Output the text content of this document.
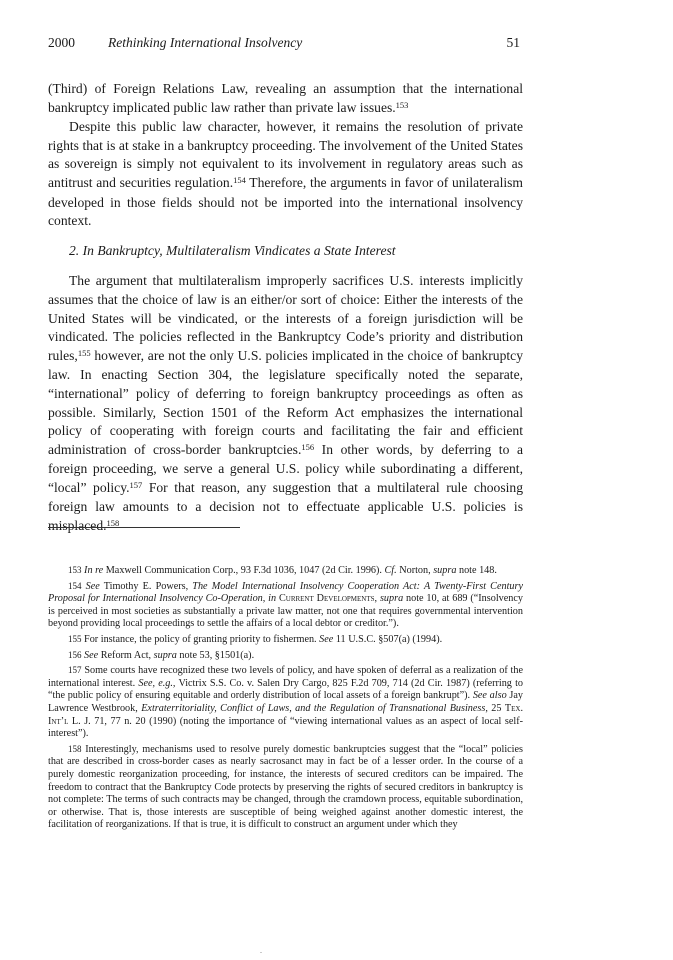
2000 Rethinking International Insolvency	51

(Third) of Foreign Relations Law, revealing an assumption that the international bankruptcy implicated public law rather than private law issues.$^{153}$

Despite this public law character, however, it remains the resolution of private rights that is at stake in a bankruptcy proceeding. The involvement of the United States as sovereign is simply not equivalent to its involvement in regulatory areas such as antitrust and securities regulation.$^{154}$ Therefore, the arguments in favor of unilateralism developed in those fields should not be imported into the international insolvency context.

2. In Bankruptcy, Multilateralism Vindicates a State Interest

The argument that multilateralism improperly sacrifices U.S. interests implicitly assumes that the choice of law is an either/or sort of choice: Either the interests of the United States will be vindicated, or the interests of a foreign jurisdiction will be vindicated. The policies reflected in the Bankruptcy Code’s priority and distribution rules,$^{155}$ however, are not the only U.S. policies implicated in the choice of bankruptcy law. In enacting Section 304, the legislature specifically noted the separate, “international” policy of deferring to foreign bankruptcy proceedings as often as possible. Similarly, Section 1501 of the Reform Act emphasizes the international policy of cooperating with foreign courts and facilitating the fair and efficient administration of cross-border bankruptcies.$^{156}$ In other words, by deferring to a foreign proceeding, we serve a general U.S. policy while subordinating a different, “local” policy.$^{157}$ For that reason, any suggestion that a multilateral rule choosing foreign law amounts to a decision not to effectuate applicable U.S. policies is misplaced.$^{158}$

153 In re Maxwell Communication Corp., 93 F.3d 1036, 1047 (2d Cir. 1996). Cf. Norton, supra note 148.

154 See Timothy E. Powers, The Model International Insolvency Cooperation Act: A Twenty-First Century Proposal for International Insolvency Co-Operation, in Current Developments, supra note 10, at 689 (“Insolvency is perceived in most societies as substantially a private law matter, not one that requires governmental intervention beyond providing local proceedings to settle the affairs of a local debtor or creditor.”).

155 For instance, the policy of granting priority to fishermen. See 11 U.S.C. §507(a) (1994).

156 See Reform Act, supra note 53, §1501(a).

157 Some courts have recognized these two levels of policy, and have spoken of deferral as a realization of the international interest. See, e.g., Victrix S.S. Co. v. Salen Dry Cargo, 825 F.2d 709, 714 (2d Cir. 1987) (referring to “the public policy of ensuring equitable and orderly distribution of local assets of a foreign bankrupt”). See also Jay Lawrence Westbrook, Extraterritoriality, Conflict of Laws, and the Regulation of Transnational Business, 25 Tex. Int’l L. J. 71, 77 n. 20 (1990) (noting the importance of “viewing international values as an aspect of local self-interest”).

158 Interestingly, mechanisms used to resolve purely domestic bankruptcies suggest that the “local” policies that are described in cross-border cases as nearly sacrosanct may in fact be of a lesser order. In the course of a purely domestic reorganization proceeding, for instance, the interests of secured creditors can be impaired. The freedom to contract that the Bankruptcy Code protects by preserving the rights of secured creditors in bankruptcy is not complete: The terms of such contracts may be changed, through the cramdown process, equitable subordination, or otherwise. That is, those interests are susceptible of being weighed against another domestic interest, the facilitation of reorganizations. If that is true, it is difficult to construct an argument under which they

.
